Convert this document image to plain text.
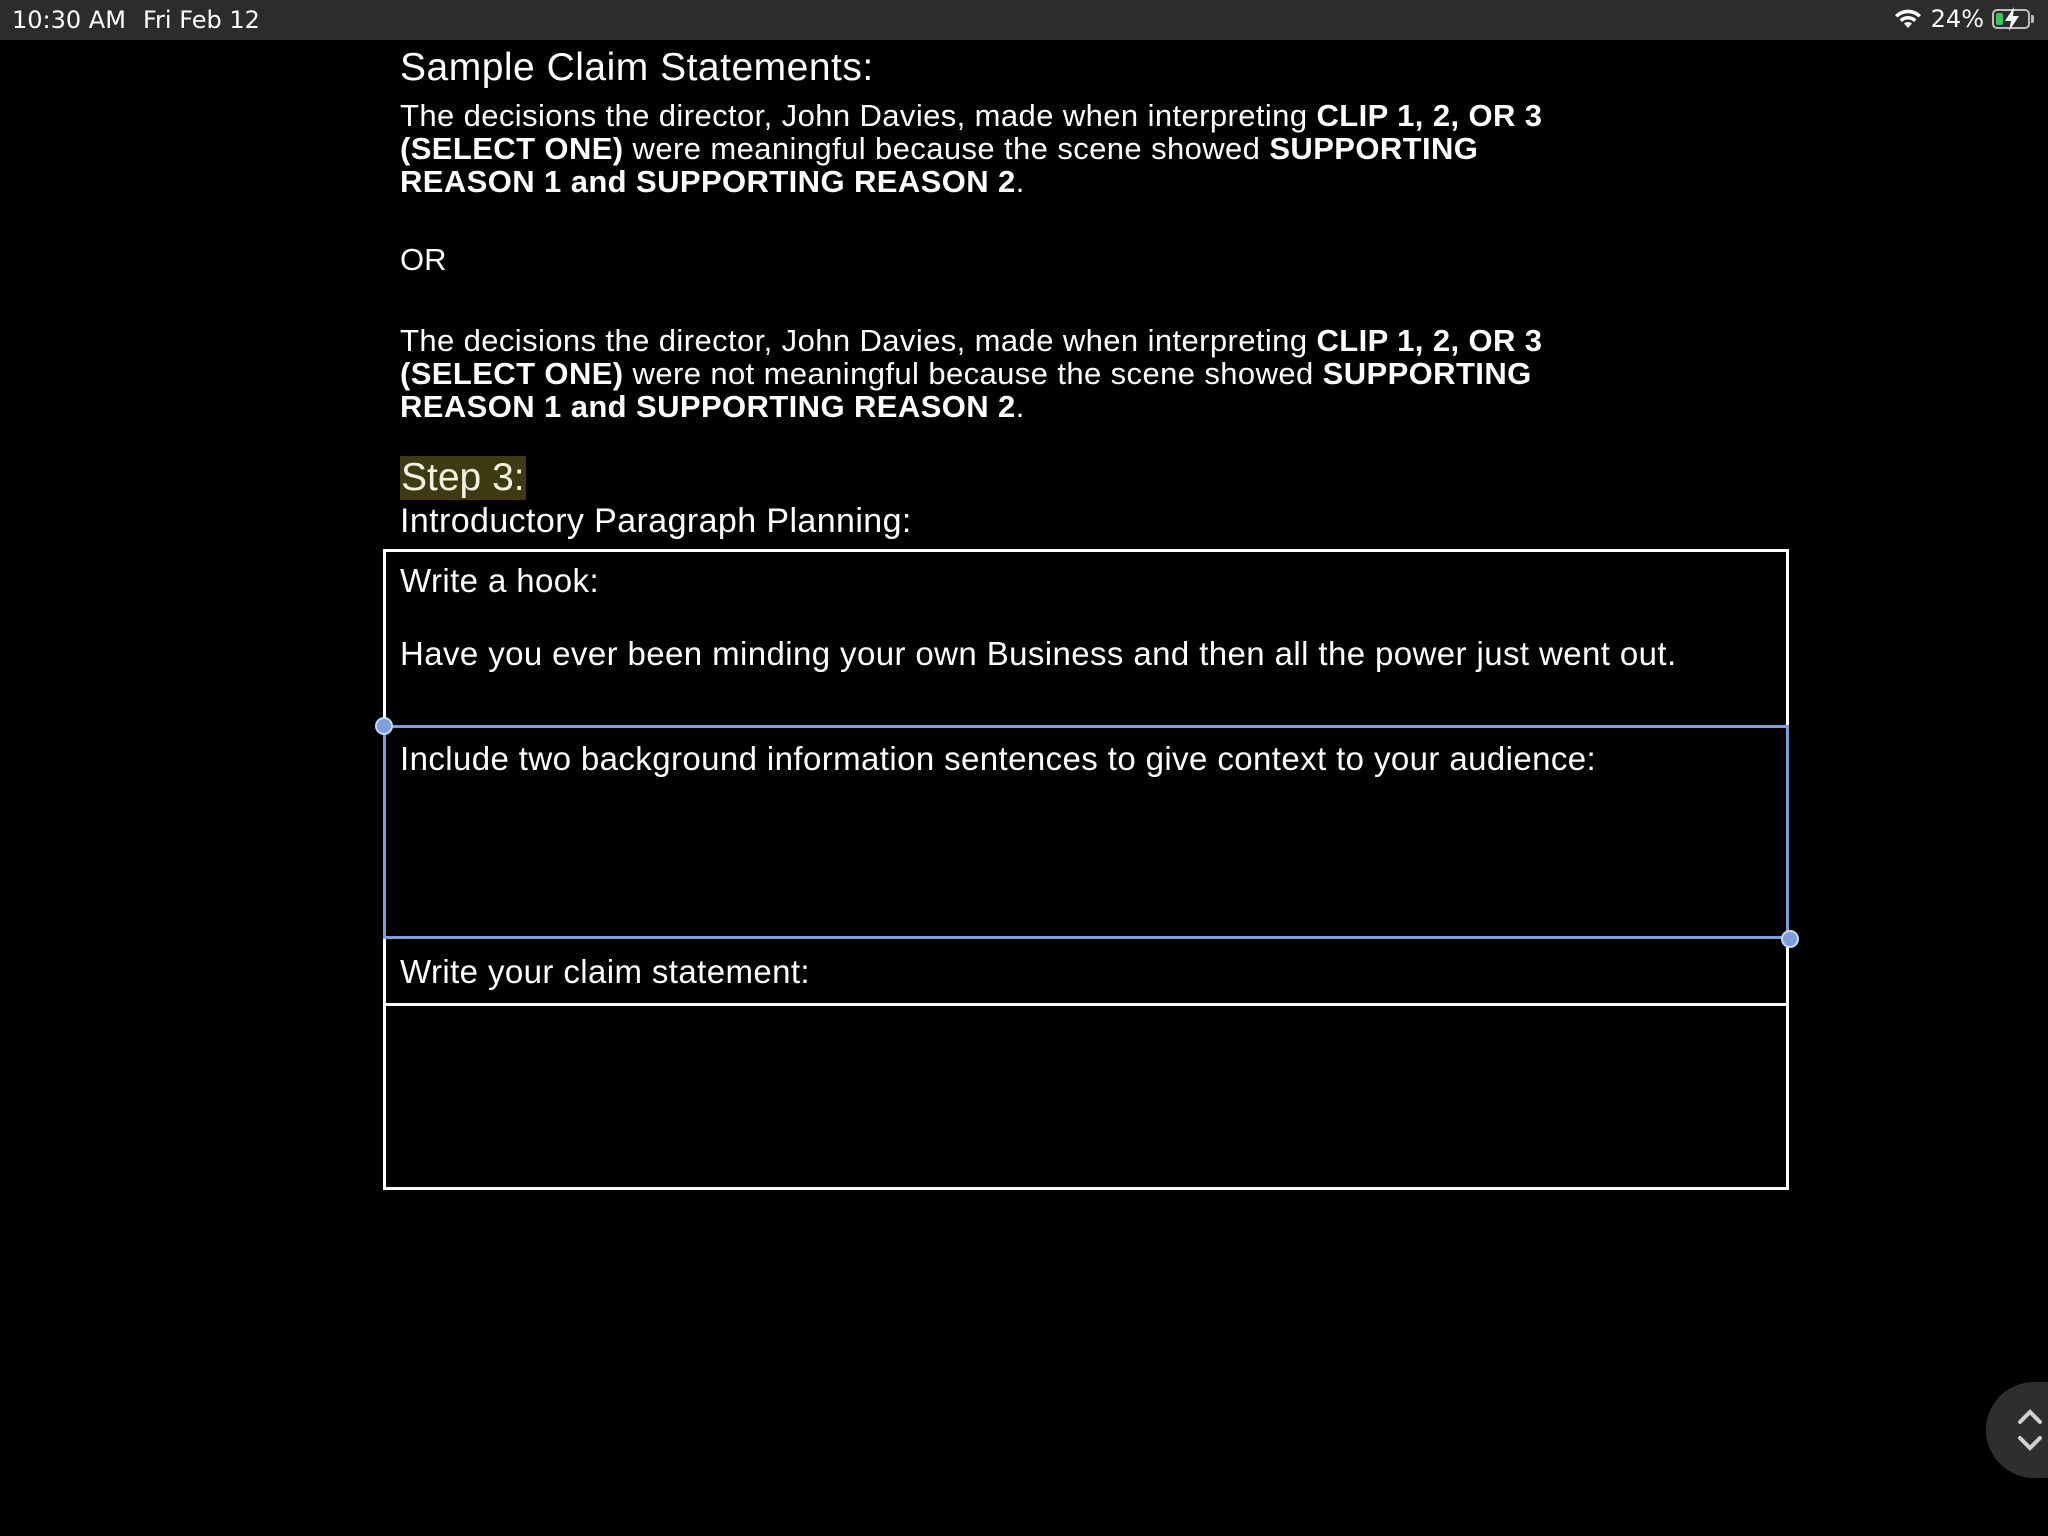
10:30 AM Fri Feb 12	24%
Sample Claim Statements:
The decisions the director, John Davies, made when interpreting CLIP 1, 2, OR 3 (SELECT ONE) were meaningful because the scene showed SUPPORTING REASON 1 and SUPPORTING REASON 2.
OR
The decisions the director, John Davies, made when interpreting CLIP 1, 2, OR 3 (SELECT ONE) were not meaningful because the scene showed SUPPORTING REASON 1 and SUPPORTING REASON 2.
Step 3:
Introductory Paragraph Planning:
Write a hook:
Have you ever been minding your own Business and then all the power just went out.
Include two background information sentences to give context to your audience:
Write your claim statement:
